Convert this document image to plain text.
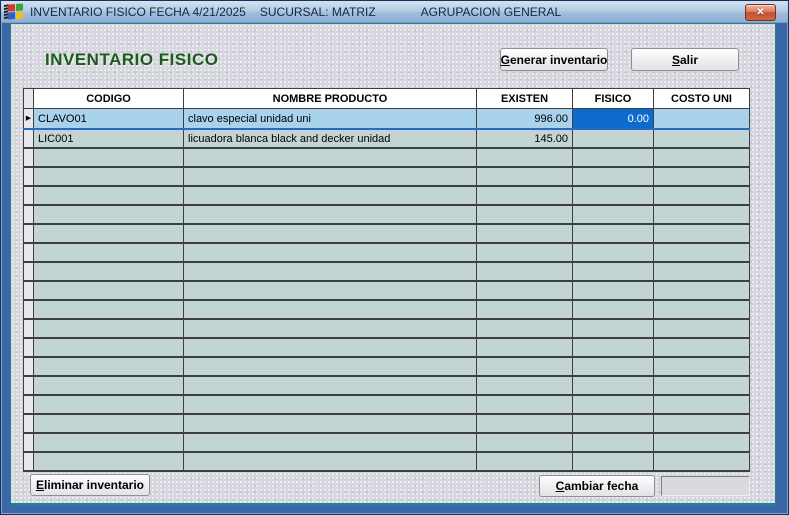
INVENTARIO FISICO FECHA 4/21/2025 SUCURSAL: MATRIZ	AGRUPACION GENERAL	✕
INVENTARIO FISICO	Generar inventario	Salir
	CODIGO	NOMBRE PRODUCTO	EXISTEN	FISICO	COSTO UNI
▶	CLAVO01	clavo especial unidad uni	996.00	0.00	
	LIC001	licuadora blanca black and decker unidad	145.00		

Eliminar inventario	Cambiar fecha
